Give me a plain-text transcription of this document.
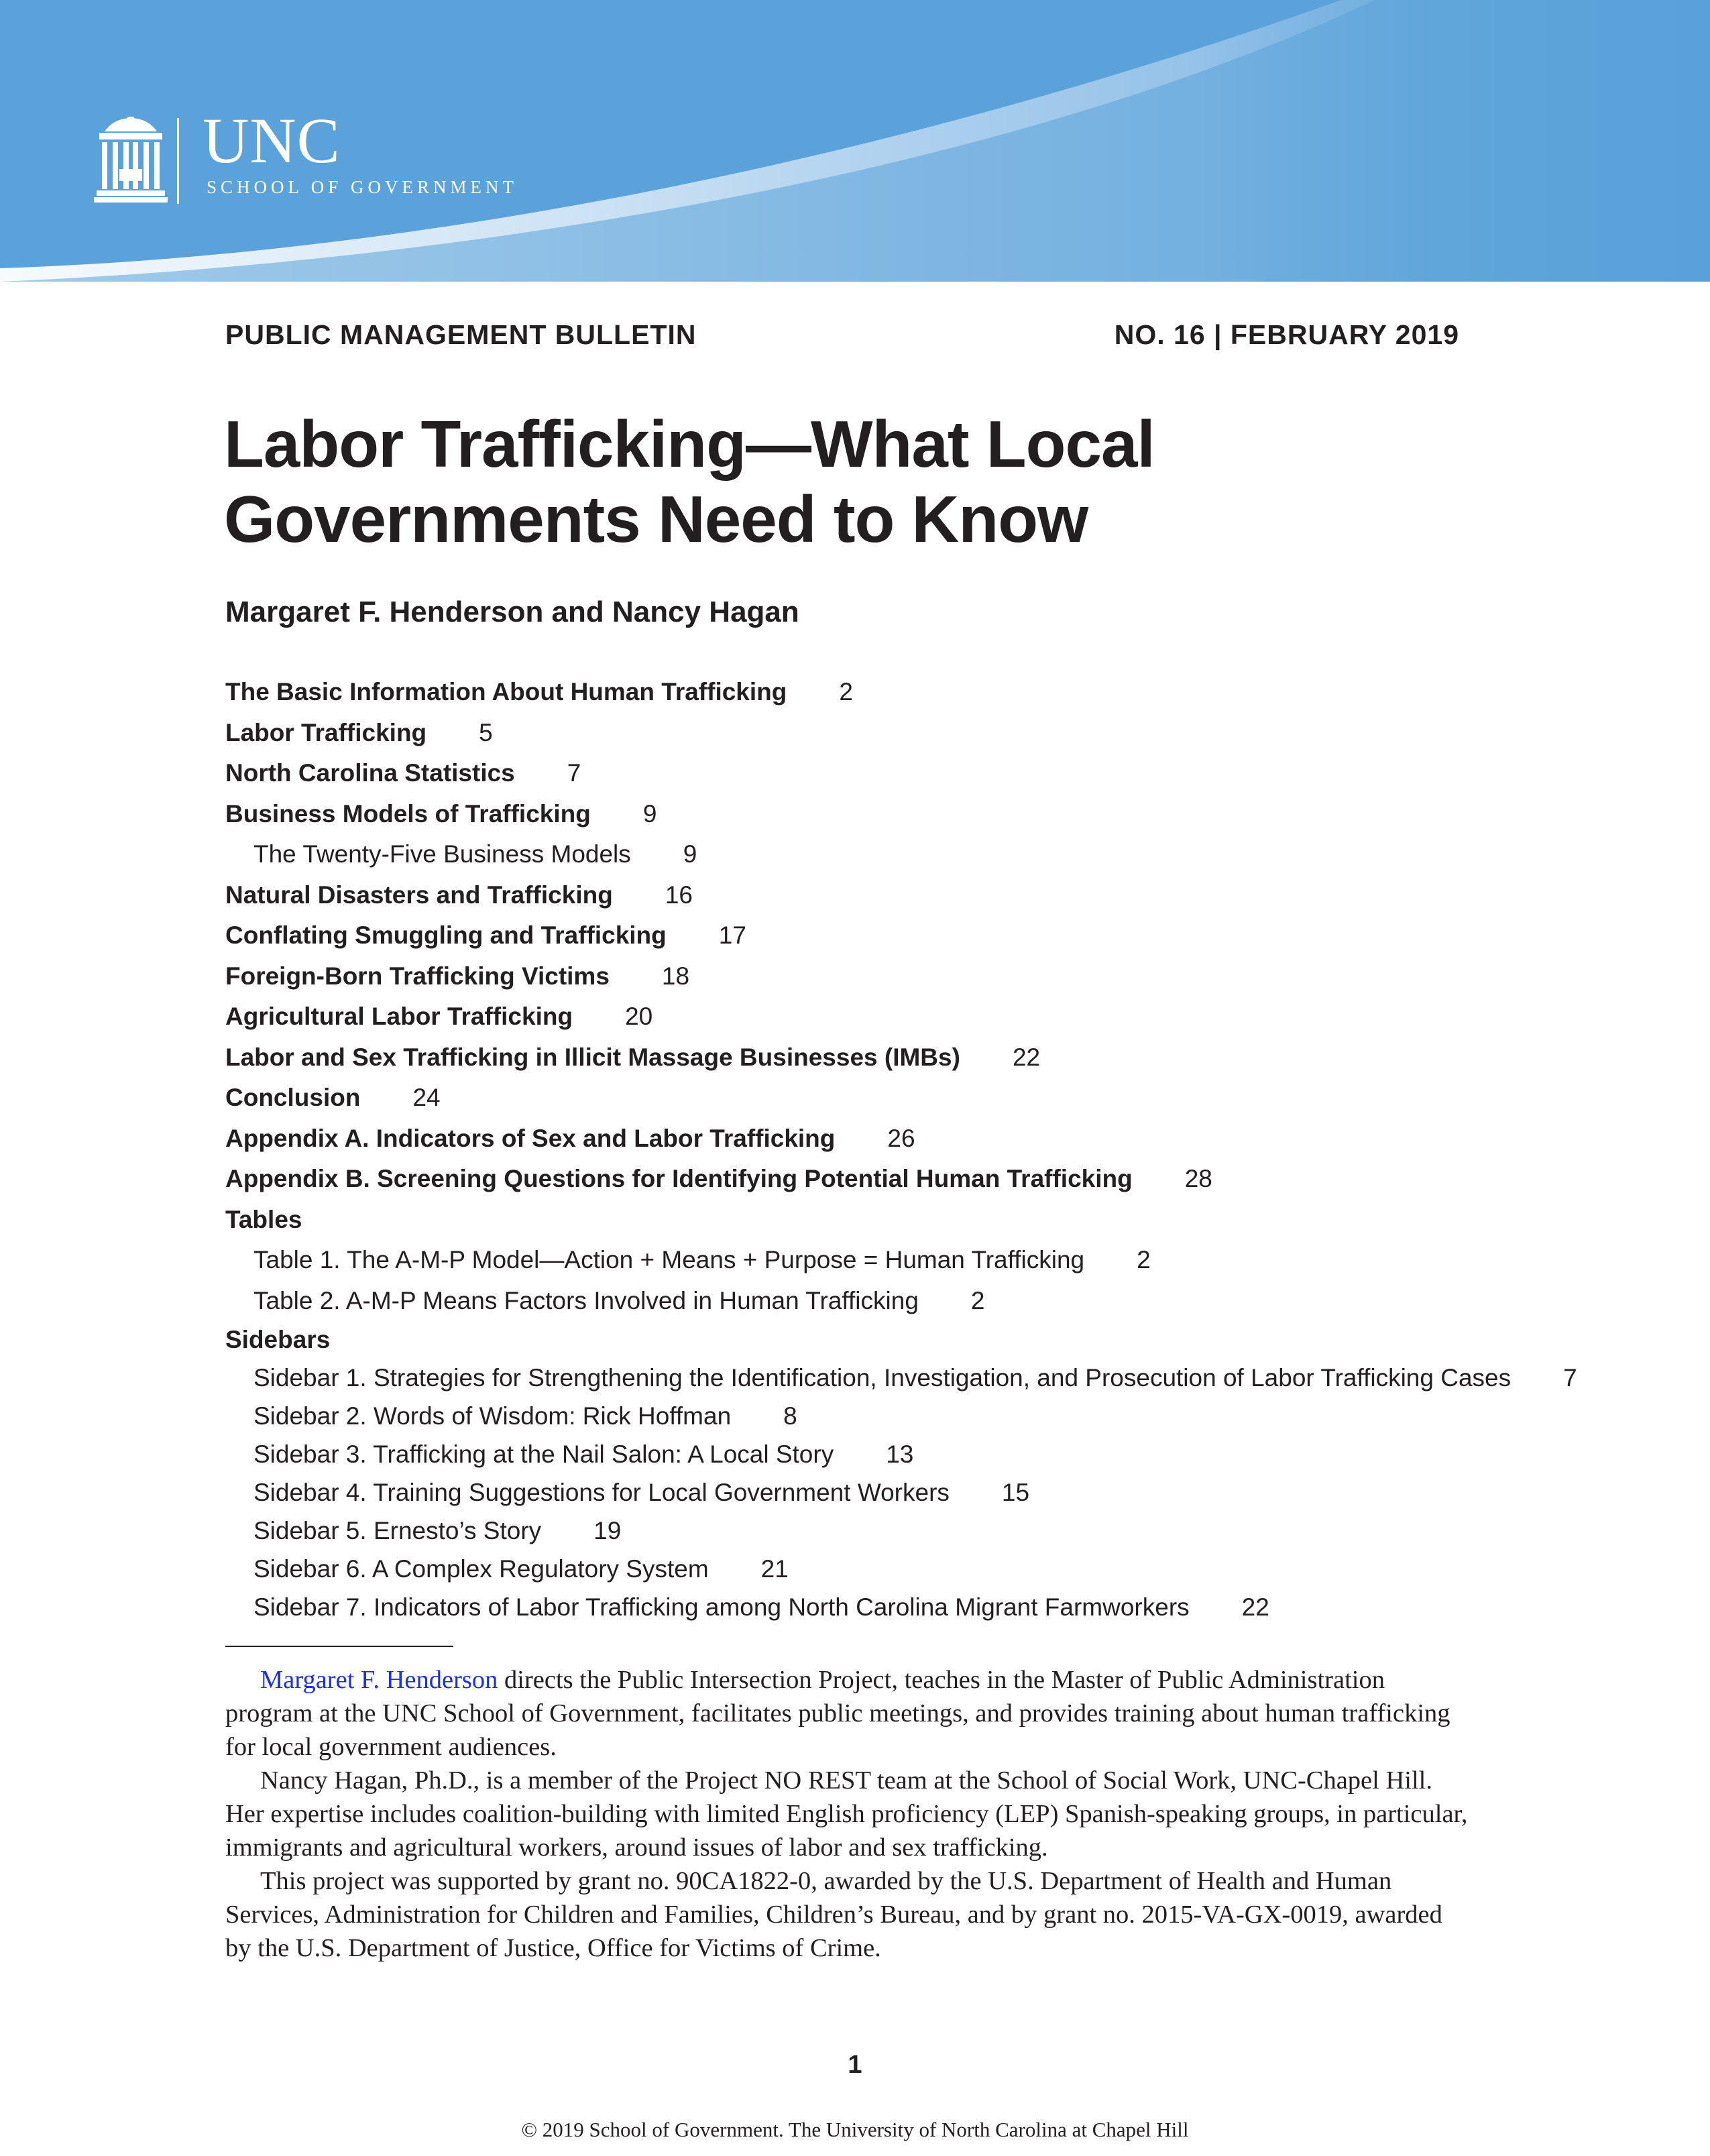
UNC
SCHOOL OF GOVERNMENT
PUBLIC MANAGEMENT BULLETIN	NO. 16 | FEBRUARY 2019
Labor Trafficking—What Local
Governments Need to Know
Margaret F. Henderson and Nancy Hagan
The Basic Information About Human Trafficking 2
Labor Trafficking 5
North Carolina Statistics 7
Business Models of Trafficking 9
The Twenty-Five Business Models 9
Natural Disasters and Trafficking 16
Conflating Smuggling and Trafficking 17
Foreign-Born Trafficking Victims 18
Agricultural Labor Trafficking 20
Labor and Sex Trafficking in Illicit Massage Businesses (IMBs) 22
Conclusion 24
Appendix A. Indicators of Sex and Labor Trafficking 26
Appendix B. Screening Questions for Identifying Potential Human Trafficking 28
Tables
Table 1. The A-M-P Model—Action + Means + Purpose = Human Trafficking 2
Table 2. A-M-P Means Factors Involved in Human Trafficking 2
Sidebars
Sidebar 1. Strategies for Strengthening the Identification, Investigation, and Prosecution of Labor Trafficking Cases 7
Sidebar 2. Words of Wisdom: Rick Hoffman 8
Sidebar 3. Trafficking at the Nail Salon: A Local Story 13
Sidebar 4. Training Suggestions for Local Government Workers 15
Sidebar 5. Ernesto’s Story 19
Sidebar 6. A Complex Regulatory System 21
Sidebar 7. Indicators of Labor Trafficking among North Carolina Migrant Farmworkers 22

Margaret F. Henderson directs the Public Intersection Project, teaches in the Master of Public Administration program at the UNC School of Government, facilitates public meetings, and provides training about human trafficking for local government audiences.

Nancy Hagan, Ph.D., is a member of the Project NO REST team at the School of Social Work, UNC-Chapel Hill. Her expertise includes coalition-building with limited English proficiency (LEP) Spanish-speaking groups, in particular, immigrants and agricultural workers, around issues of labor and sex trafficking.

This project was supported by grant no. 90CA1822-0, awarded by the U.S. Department of Health and Human Services, Administration for Children and Families, Children’s Bureau, and by grant no. 2015-VA-GX-0019, awarded by the U.S. Department of Justice, Office for Victims of Crime.

1
© 2019 School of Government. The University of North Carolina at Chapel Hill
